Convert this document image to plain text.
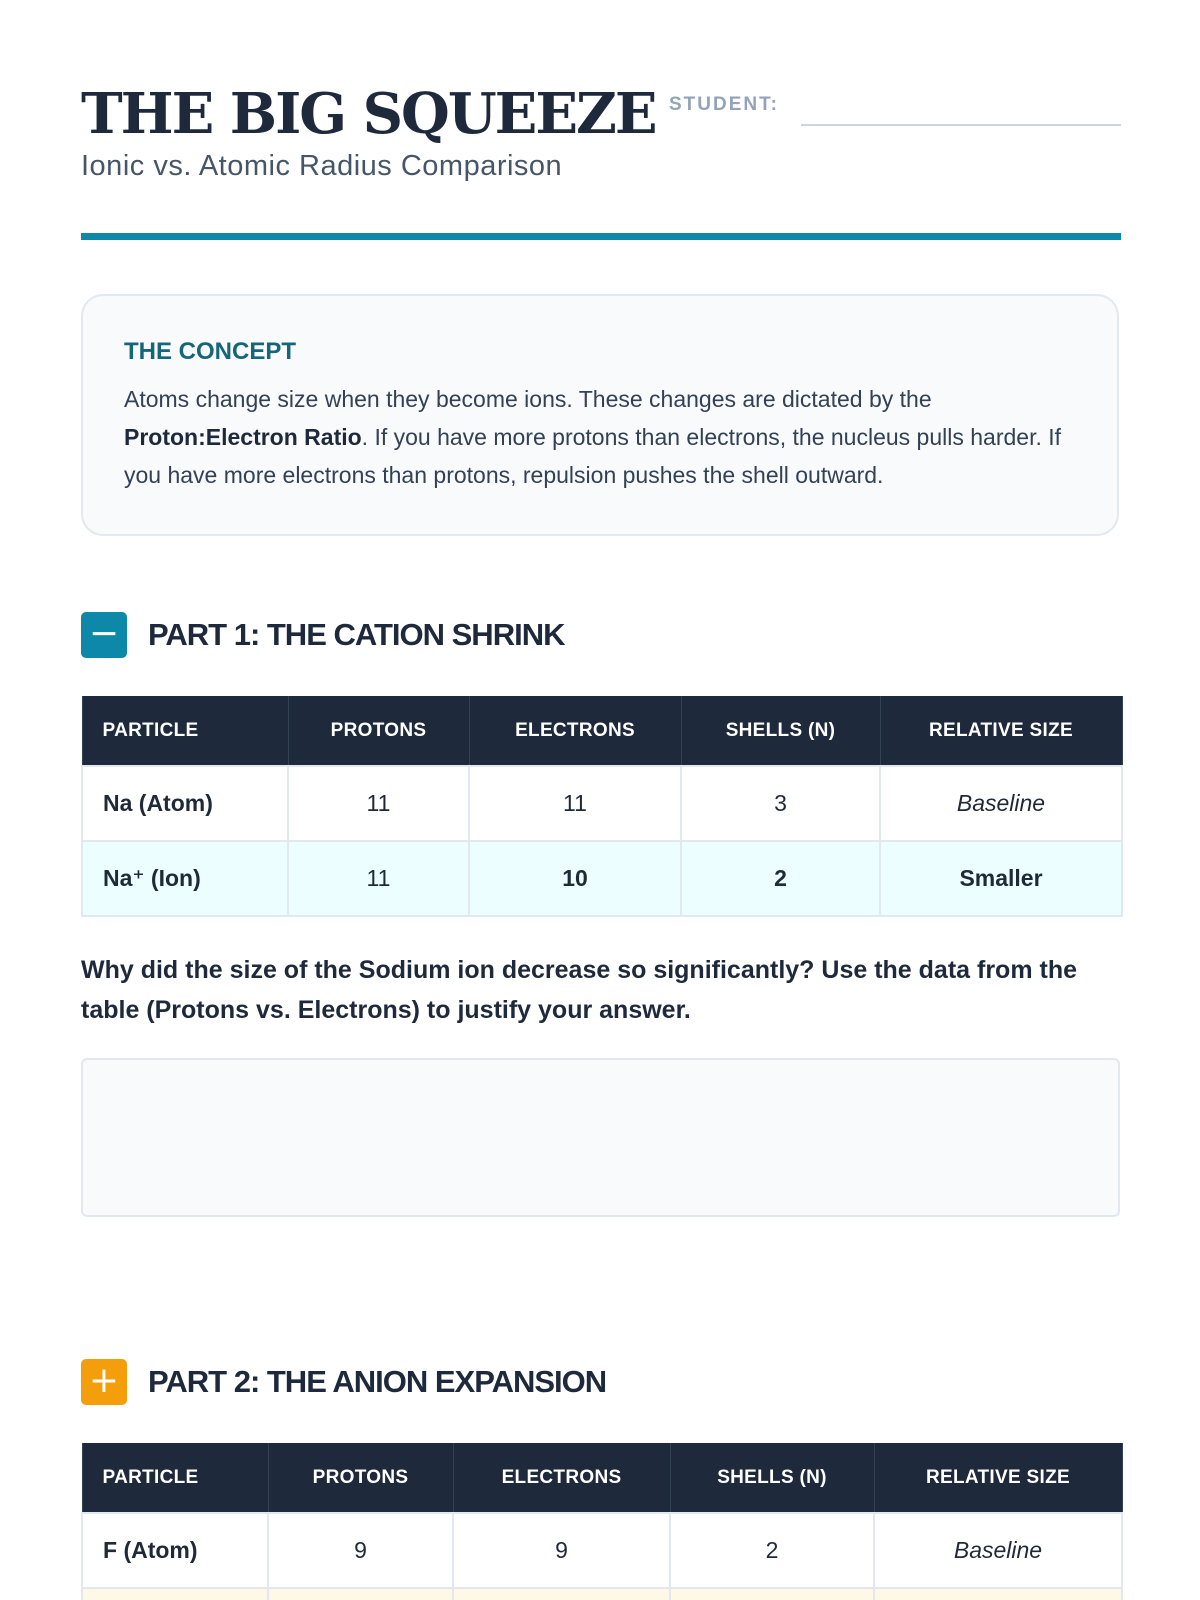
THE BIG SQUEEZE
Ionic vs. Atomic Radius Comparison
STUDENT:
THE CONCEPT

Atoms change size when they become ions. These changes are dictated by the Proton:Electron Ratio. If you have more protons than electrons, the nucleus pulls harder. If you have more electrons than protons, repulsion pushes the shell outward.

− PART 1: THE CATION SHRINK
PARTICLE	PROTONS	ELECTRONS	SHELLS (N)	RELATIVE SIZE
Na (Atom)	11	11	3	Baseline
Na⁺ (Ion)	11	10	2	Smaller

Why did the size of the Sodium ion decrease so significantly? Use the data from the table (Protons vs. Electrons) to justify your answer.

+ PART 2: THE ANION EXPANSION
PARTICLE	PROTONS	ELECTRONS	SHELLS (N)	RELATIVE SIZE
F (Atom)	9	9	2	Baseline
